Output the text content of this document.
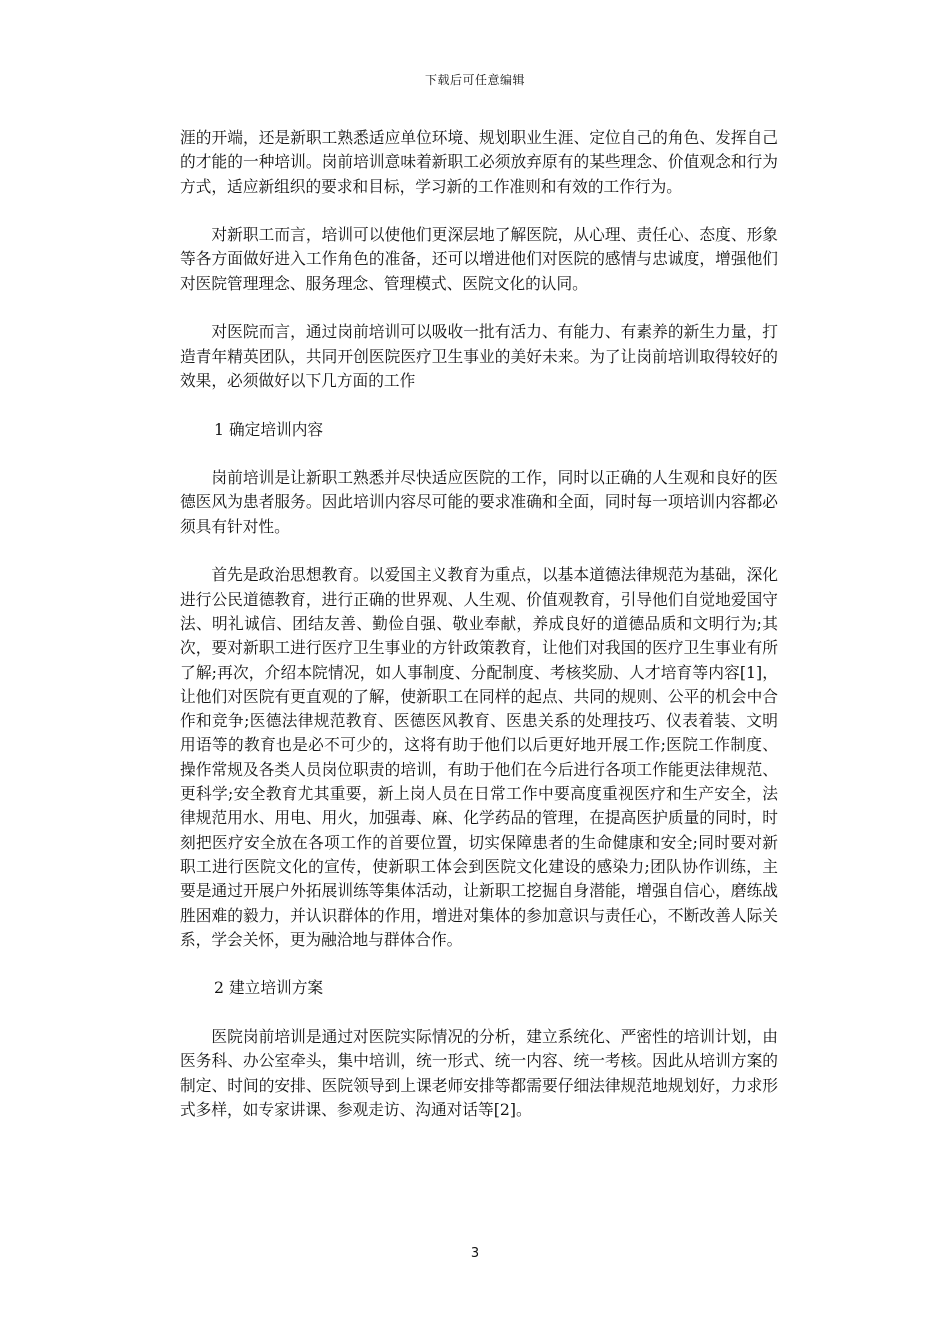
下载后可任意编辑

涯的开端，还是新职工熟悉适应单位环境、规划职业生涯、定位自己的角色、发挥自己的才能的一种培训。岗前培训意味着新职工必须放弃原有的某些理念、价值观念和行为方式，适应新组织的要求和目标，学习新的工作准则和有效的工作行为。

对新职工而言，培训可以使他们更深层地了解医院，从心理、责任心、态度、形象等各方面做好进入工作角色的准备，还可以增进他们对医院的感情与忠诚度，增强他们对医院管理理念、服务理念、管理模式、医院文化的认同。

对医院而言，通过岗前培训可以吸收一批有活力、有能力、有素养的新生力量，打造青年精英团队，共同开创医院医疗卫生事业的美好未来。为了让岗前培训取得较好的效果，必须做好以下几方面的工作

1 确定培训内容

岗前培训是让新职工熟悉并尽快适应医院的工作，同时以正确的人生观和良好的医德医风为患者服务。因此培训内容尽可能的要求准确和全面，同时每一项培训内容都必须具有针对性。

首先是政治思想教育。以爱国主义教育为重点，以基本道德法律规范为基础，深化进行公民道德教育，进行正确的世界观、人生观、价值观教育，引导他们自觉地爱国守法、明礼诚信、团结友善、勤俭自强、敬业奉献，养成良好的道德品质和文明行为;其次，要对新职工进行医疗卫生事业的方针政策教育，让他们对我国的医疗卫生事业有所了解;再次，介绍本院情况，如人事制度、分配制度、考核奖励、人才培育等内容[1]，让他们对医院有更直观的了解，使新职工在同样的起点、共同的规则、公平的机会中合作和竞争;医德法律规范教育、医德医风教育、医患关系的处理技巧、仪表着装、文明用语等的教育也是必不可少的，这将有助于他们以后更好地开展工作;医院工作制度、操作常规及各类人员岗位职责的培训，有助于他们在今后进行各项工作能更法律规范、更科学;安全教育尤其重要，新上岗人员在日常工作中要高度重视医疗和生产安全，法律规范用水、用电、用火，加强毒、麻、化学药品的管理，在提高医护质量的同时，时刻把医疗安全放在各项工作的首要位置，切实保障患者的生命健康和安全;同时要对新职工进行医院文化的宣传，使新职工体会到医院文化建设的感染力;团队协作训练，主要是通过开展户外拓展训练等集体活动，让新职工挖掘自身潜能，增强自信心，磨练战胜困难的毅力，并认识群体的作用，增进对集体的参加意识与责任心，不断改善人际关系，学会关怀，更为融洽地与群体合作。

2 建立培训方案

医院岗前培训是通过对医院实际情况的分析，建立系统化、严密性的培训计划，由医务科、办公室牵头，集中培训，统一形式、统一内容、统一考核。因此从培训方案的制定、时间的安排、医院领导到上课老师安排等都需要仔细法律规范地规划好，力求形式多样，如专家讲课、参观走访、沟通对话等[2]。

3
